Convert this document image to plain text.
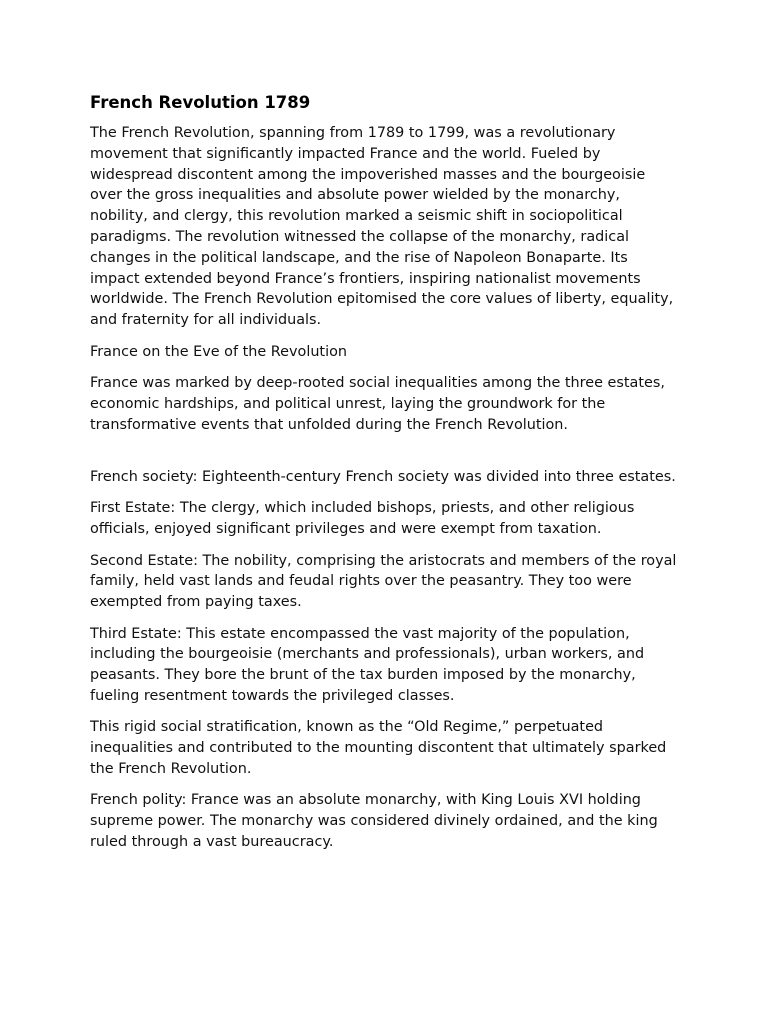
French Revolution 1789

The French Revolution, spanning from 1789 to 1799, was a revolutionary movement that significantly impacted France and the world. Fueled by widespread discontent among the impoverished masses and the bourgeoisie over the gross inequalities and absolute power wielded by the monarchy, nobility, and clergy, this revolution marked a seismic shift in sociopolitical paradigms. The revolution witnessed the collapse of the monarchy, radical changes in the political landscape, and the rise of Napoleon Bonaparte. Its impact extended beyond France’s frontiers, inspiring nationalist movements worldwide. The French Revolution epitomised the core values of liberty, equality, and fraternity for all individuals.

France on the Eve of the Revolution

France was marked by deep-rooted social inequalities among the three estates, economic hardships, and political unrest, laying the groundwork for the transformative events that unfolded during the French Revolution.

French society: Eighteenth-century French society was divided into three estates.

First Estate: The clergy, which included bishops, priests, and other religious officials, enjoyed significant privileges and were exempt from taxation.

Second Estate: The nobility, comprising the aristocrats and members of the royal family, held vast lands and feudal rights over the peasantry. They too were exempted from paying taxes.

Third Estate: This estate encompassed the vast majority of the population, including the bourgeoisie (merchants and professionals), urban workers, and peasants. They bore the brunt of the tax burden imposed by the monarchy, fueling resentment towards the privileged classes.

This rigid social stratification, known as the “Old Regime,” perpetuated inequalities and contributed to the mounting discontent that ultimately sparked the French Revolution.

French polity: France was an absolute monarchy, with King Louis XVI holding supreme power. The monarchy was considered divinely ordained, and the king ruled through a vast bureaucracy.
